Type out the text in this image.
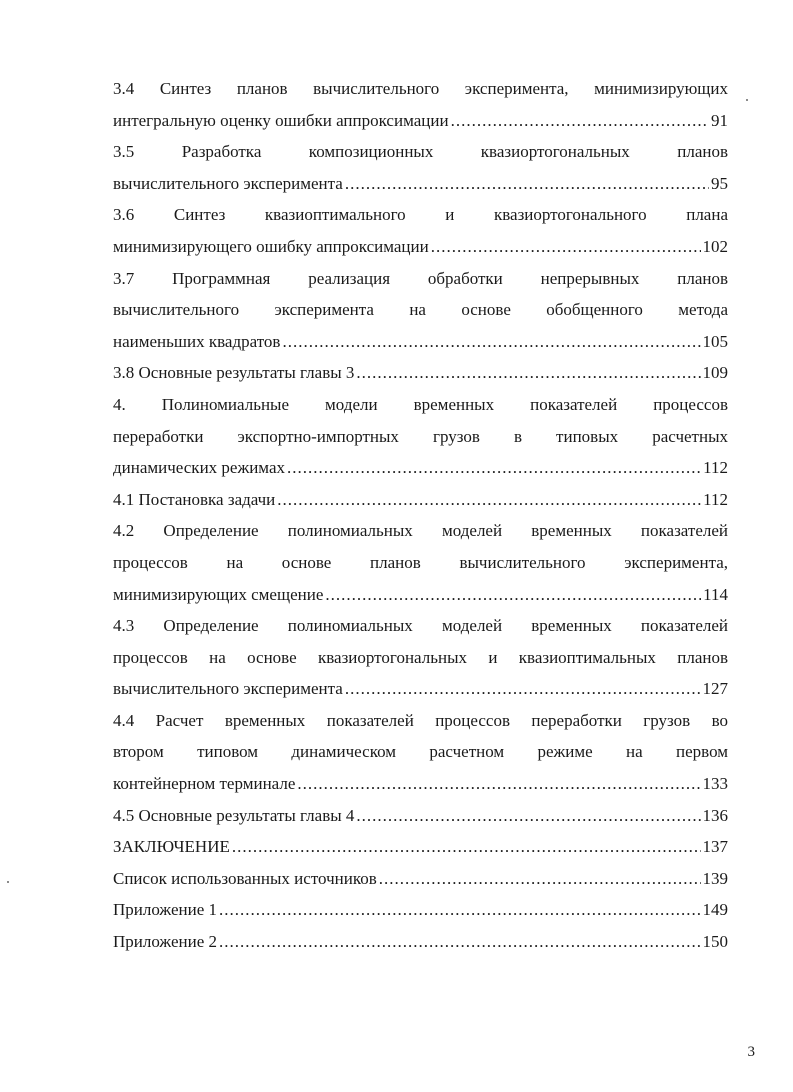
3.4 Синтез планов вычислительного эксперимента, минимизирующих
интегральную оценку ошибки аппроксимации .....	91
3.5 Разработка композиционных квазиортогональных планов
вычислительного эксперимента .....	95
3.6 Синтез квазиоптимального и квазиортогонального плана
минимизирующего ошибку аппроксимации .....	102
3.7 Программная реализация обработки непрерывных планов
вычислительного эксперимента на основе обобщенного метода
наименьших квадратов .....	105
3.8 Основные результаты главы 3 .....	109
4. Полиномиальные модели временных показателей процессов
переработки экспортно-импортных грузов в типовых расчетных
динамических режимах .....	112
4.1 Постановка задачи .....	112
4.2 Определение полиномиальных моделей временных показателей
процессов на основе планов вычислительного эксперимента,
минимизирующих смещение .....	114
4.3 Определение полиномиальных моделей временных показателей
процессов на основе квазиортогональных и квазиоптимальных планов
вычислительного эксперимента .....	127
4.4 Расчет временных показателей процессов переработки грузов во
втором типовом динамическом расчетном режиме на первом
контейнерном терминале .....	133
4.5 Основные результаты главы 4 .....	136
ЗАКЛЮЧЕНИЕ .....	137
Список использованных источников .....	139
Приложение 1 .....	149
Приложение 2 .....	150
3
